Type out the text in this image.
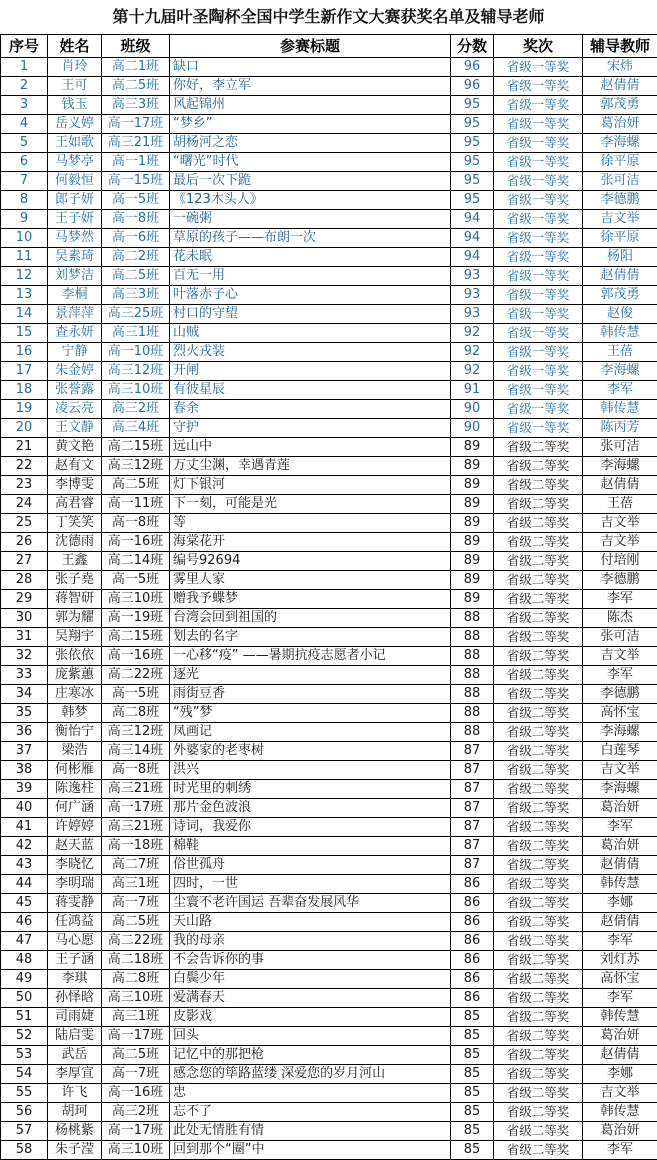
第十九届叶圣陶杯全国中学生新作文大赛获奖名单及辅导老师
序号	姓名	班级	参赛标题	分数	奖次	辅导教师
1	肖玲	高二1班	缺口	96	省级一等奖	宋炜
2	王可	高二5班	你好，李立军	96	省级一等奖	赵倩倩
3	钱玉	高三3班	风起锦州	95	省级一等奖	郭茂勇
4	岳义婷	高一17班	“梦乡”	95	省级一等奖	葛治妍
5	王如歌	高三21班	胡杨河之恋	95	省级一等奖	李海螺
6	马梦亭	高一1班	“曙光”时代	95	省级一等奖	徐平原
7	何毅恒	高一15班	最后一次下跪	95	省级一等奖	张可洁
8	郎子妍	高一5班	《123木头人》	95	省级一等奖	李德鹏
9	王子妍	高一8班	一碗粥	94	省级一等奖	吉文举
10	马梦然	高一6班	草原的孩子——布朗一次	94	省级一等奖	徐平原
11	吴素琦	高二2班	花未眠	94	省级一等奖	杨阳
12	刘梦洁	高二5班	百无一用	93	省级一等奖	赵倩倩
13	李桐	高三3班	叶落赤子心	93	省级一等奖	郭茂勇
14	景萍萍	高三25班	村口的守望	93	省级一等奖	赵俊
15	查永妍	高三1班	山贼	92	省级一等奖	韩传慧
16	宁静	高一10班	烈火戎装	92	省级一等奖	王蓓
17	朱金婷	高三12班	开闸	92	省级一等奖	李海螺
18	张誉露	高三10班	有彼星辰	91	省级一等奖	李军
19	凌云亮	高三2班	春余	90	省级一等奖	韩传慧
20	王文静	高三4班	守护	90	省级一等奖	陈丙芳
21	黄文艳	高二15班	远山中	89	省级二等奖	张可洁
22	赵有文	高三12班	万丈尘渊，幸遇青莲	89	省级二等奖	李海螺
23	李博雯	高二5班	灯下银河	89	省级二等奖	赵倩倩
24	高君睿	高一11班	下一刻，可能是光	89	省级二等奖	王蓓
25	丁笑笑	高一8班	等	89	省级二等奖	吉文举
26	沈德雨	高一16班	海棠花开	89	省级二等奖	吉文举
27	王鑫	高二14班	编号92694	89	省级二等奖	付培刚
28	张子堯	高一5班	雾里人家	89	省级二等奖	李德鹏
29	蒋智研	高三10班	赠我予蝶梦	89	省级二等奖	李军
30	郭为耀	高一19班	台湾会回到祖国的	88	省级二等奖	陈杰
31	吴翔宇	高二15班	划去的名字	88	省级二等奖	张可洁
32	张依依	高一16班	一心移“疫” ——暑期抗疫志愿者小记	88	省级二等奖	吉文举
33	庞紫蕙	高二22班	逐光	88	省级二等奖	李军
34	庄寒冰	高一5班	雨街豆香	88	省级二等奖	李德鹏
35	韩梦	高二8班	“残”梦	88	省级二等奖	高怀宝
36	衡怡宁	高三12班	凤画记	88	省级二等奖	李海螺
37	梁浩	高三14班	外婆家的老枣树	87	省级二等奖	白莲琴
38	何彬雁	高一8班	洪兴	87	省级二等奖	吉文举
39	陈逸柱	高三21班	时光里的刺绣	87	省级二等奖	李海螺
40	何广涵	高一17班	那片金色波浪	87	省级二等奖	葛治妍
41	许婷婷	高三21班	诗词，我爱你	87	省级二等奖	李军
42	赵天蓝	高一18班	棉鞋	87	省级二等奖	葛治妍
43	李晓忆	高二7班	俗世孤舟	87	省级二等奖	赵倩倩
44	李明瑞	高三1班	四时，一世	86	省级二等奖	韩传慧
45	蒋雯静	高一7班	尘寰不老许国运 吾辈奋发展风华	86	省级二等奖	李娜
46	任鸿益	高二5班	天山路	86	省级二等奖	赵倩倩
47	马心愿	高二22班	我的母亲	86	省级二等奖	李军
48	王子涵	高二18班	不会告诉你的事	86	省级二等奖	刘灯苏
49	李琪	高二8班	白鬓少年	86	省级二等奖	高怀宝
50	孙怿晗	高三10班	爱满春天	86	省级二等奖	李军
51	司雨婕	高三1班	皮影戏	85	省级二等奖	韩传慧
52	陆启雯	高一17班	回头	85	省级二等奖	葛治妍
53	武岳	高二5班	记忆中的那把枪	85	省级二等奖	赵倩倩
54	李厚宣	高一7班	感念您的筚路蓝缕 深爱您的岁月河山	85	省级二等奖	李娜
55	许飞	高一16班	忠	85	省级二等奖	吉文举
56	胡珂	高三2班	忘不了	85	省级二等奖	韩传慧
57	杨桃紫	高一17班	此处无情胜有情	85	省级二等奖	葛治妍
58	朱子滢	高三10班	回到那个“圈”中	85	省级二等奖	李军
